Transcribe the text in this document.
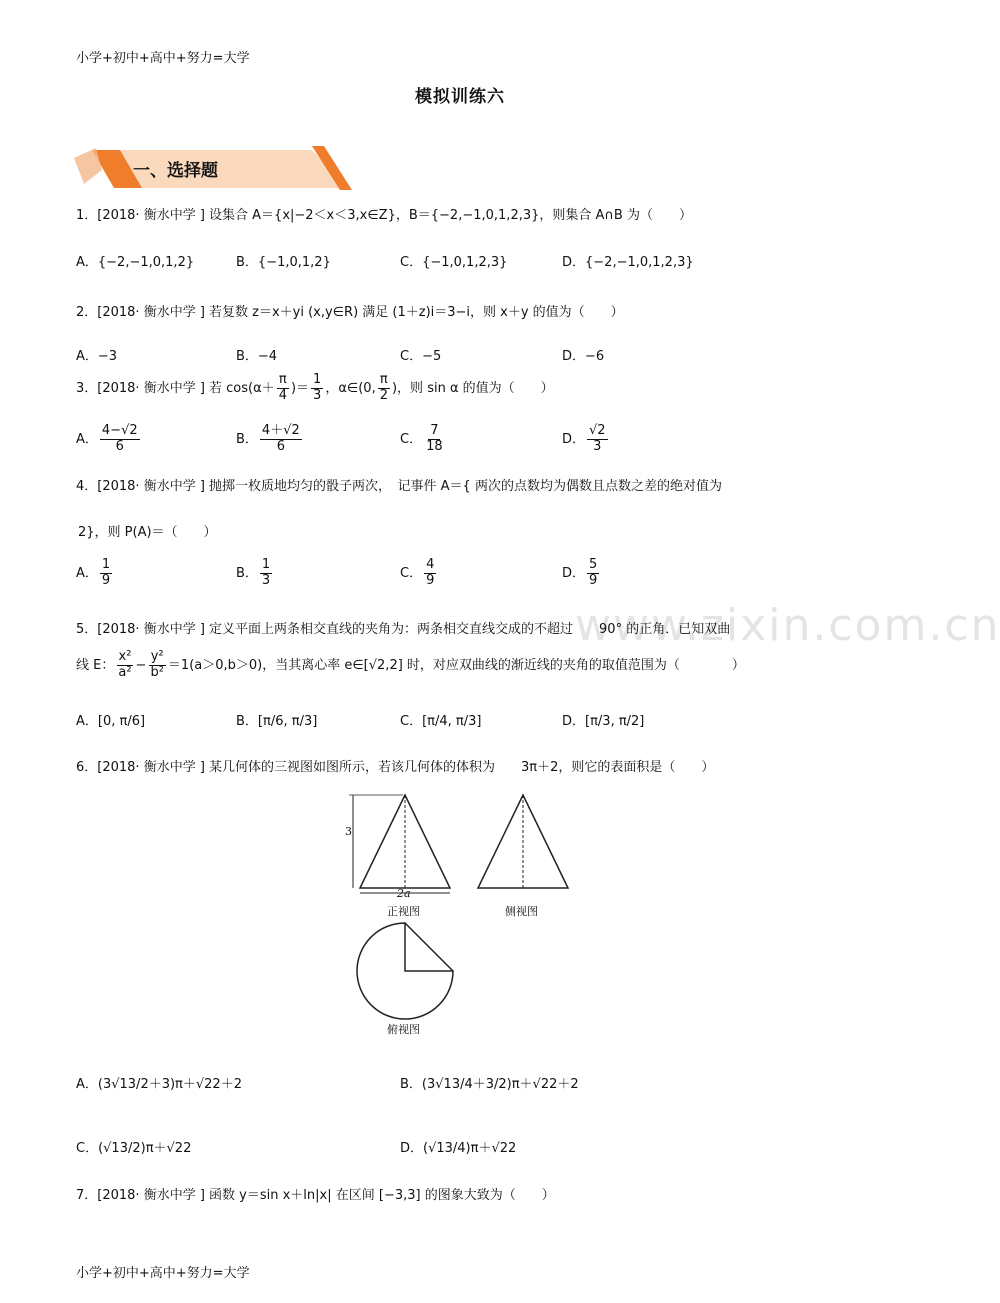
小学+初中+高中+努力=大学
模拟训练六
一、选择题
www.zixin.com.cn
1．[2018· 衡水中学 ] 设集合 A＝{x|−2＜x＜3,x∈Z}，B＝{−2,−1,0,1,2,3}，则集合 A∩B 为（　　）
A．{−2,−1,0,1,2}	B．{−1,0,1,2}	C．{−1,0,1,2,3}	D．{−2,−1,0,1,2,3}
2．[2018· 衡水中学 ] 若复数 z＝x＋yi (x,y∈R) 满足 (1＋z)i＝3−i，则 x＋y 的值为（　　）
A．−3	B．−4	C．−5	D．−6
3．[2018· 衡水中学 ] 若 $\cos(\alpha+ \frac{\pi}{4}$ )＝ $\frac{1}{3}$ ，α∈(0, $\frac{\pi}{2}$ )，则 sin α 的值为（　　）
A． $\frac{4-√2}{6}$	B． $\frac{4+√2}{6}$	C． $\frac{7}{18}$	D． $\frac{√2}{3}$
4．[2018· 衡水中学 ] 抛掷一枚质地均匀的骰子两次，　记事件 A＝{ 两次的点数均为偶数且点数之差的绝对值为
2}，则 P(A)＝（　　）
A． $\frac{1}{9}$	B． $\frac{1}{3}$	C． $\frac{4}{9}$	D． $\frac{5}{9}$
5．[2018· 衡水中学 ] 定义平面上两条相交直线的夹角为：两条相交直线交成的不超过　　90° 的正角．已知双曲
线 E： $\frac{\text{x²}}{\text{a²}} - \frac{\text{y²}}{\text{b²}} =1(a>0,b>0)$，当其离心率 e∈[√2,2] 时，对应双曲线的渐近线的夹角的取值范围为（　　　　）
A．[0, π/6]	B．[π/6, π/3]	C．[π/4, π/3]	D．[π/3, π/2]
6．[2018· 衡水中学 ] 某几何体的三视图如图所示，若该几何体的体积为　　3π＋2，则它的表面积是（　　）
3
2a
正视图	侧视图
俯视图
A．(3√13/2＋3)π＋√22＋2	B．(3√13/4＋3/2)π＋√22＋2
C．(√13/2)π＋√22	D．(√13/4)π＋√22
7．[2018· 衡水中学 ] 函数 y＝sin x＋ln|x| 在区间 [−3,3] 的图象大致为（　　）
小学+初中+高中+努力=大学
